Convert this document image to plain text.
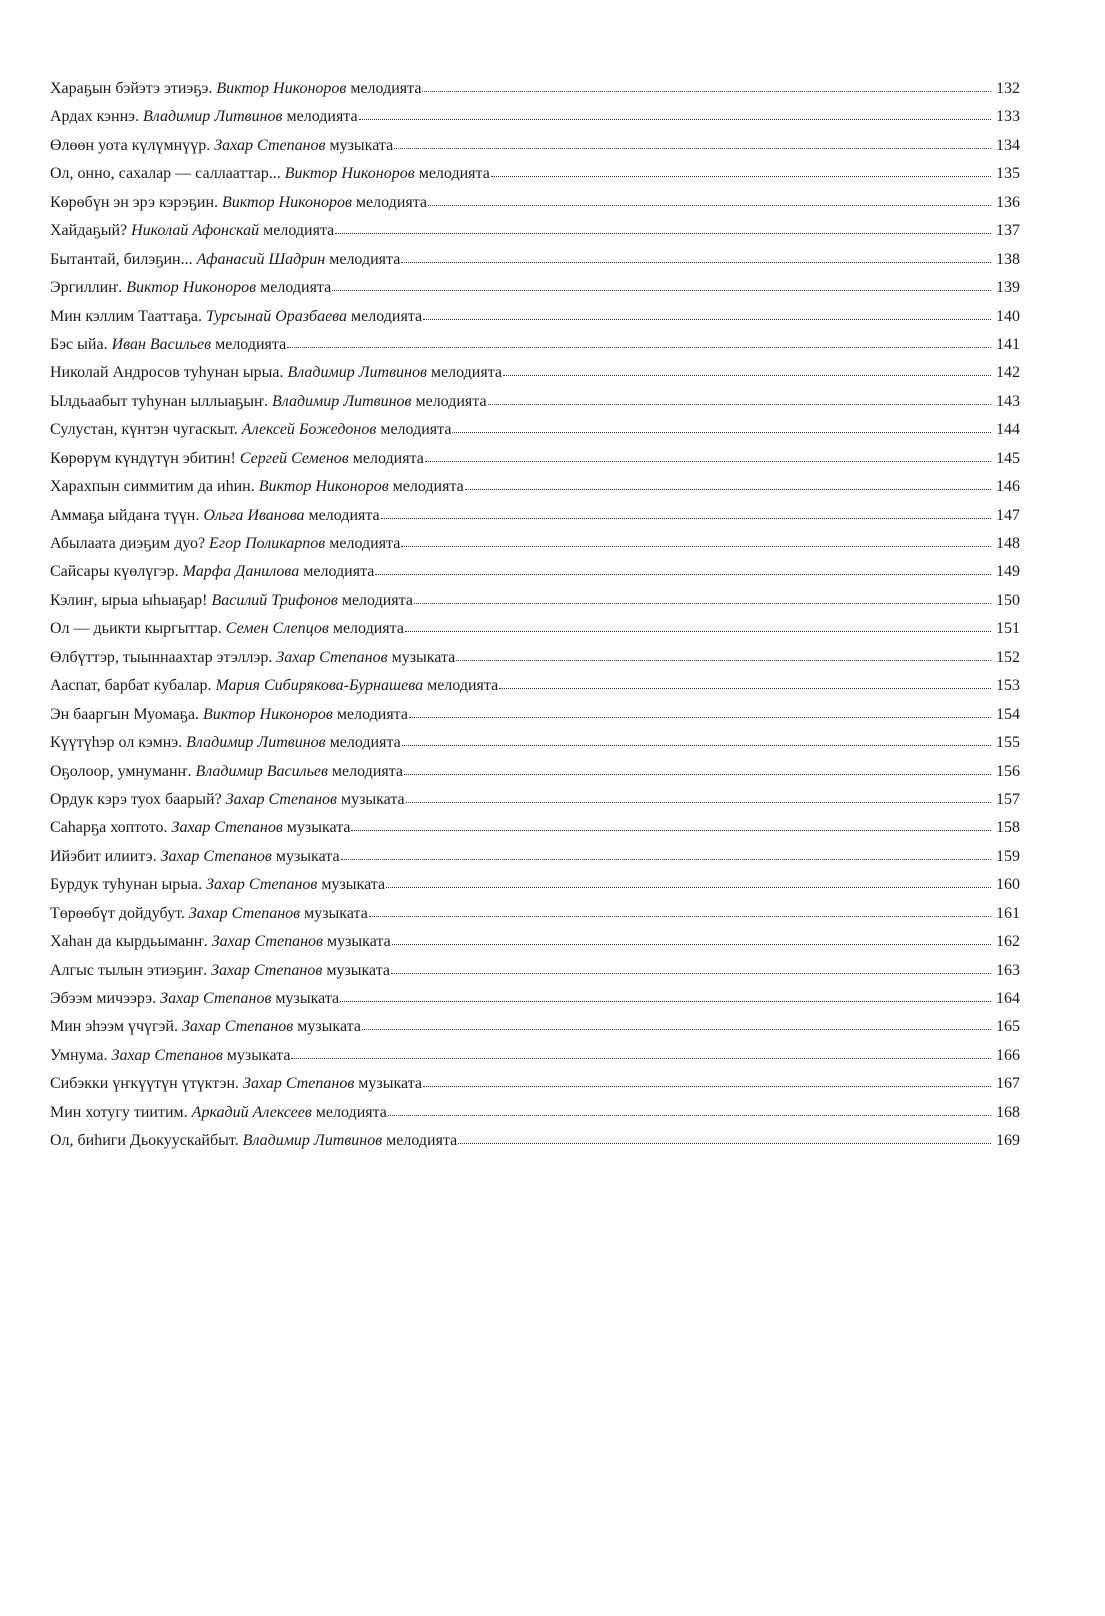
Хараҕын бэйэтэ этиэҕэ. Виктор Никоноров мелодията	132
Ардах кэннэ. Владимир Литвинов мелодията	133
Өлөөн уота күлүмнүүр. Захар Степанов музыката	134
Ол, онно, сахалар — саллааттар... Виктор Никоноров мелодията	135
Көрөбүн эн эрэ кэрэҕин. Виктор Никоноров мелодията	136
Хайдаҕый? Николай Афонскай мелодията	137
Бытантай, билэҕин... Афанасий Шадрин мелодията	138
Эргиллиҥ. Виктор Никоноров мелодията	139
Мин кэллим Тааттаҕа. Турсынай Оразбаева мелодията	140
Бэс ыйа. Иван Васильев мелодията	141
Николай Андросов туһунан ырыа. Владимир Литвинов мелодията	142
Ылдьаабыт туһунан ыллыаҕыҥ. Владимир Литвинов мелодията	143
Сулустан, күнтэн чугаскыт. Алексей Божедонов мелодията	144
Көрөрүм күндүтүн эбитин! Сергей Семенов мелодията	145
Харахпын симмитим да иһин. Виктор Никоноров мелодията	146
Аммаҕа ыйдаҥа түүн. Ольга Иванова мелодията	147
Абылаата диэҕим дуо? Егор Поликарпов мелодията	148
Сайсары күөлүгэр. Марфа Данилова мелодията	149
Кэлиҥ, ырыа ыһыаҕар! Василий Трифонов мелодията	150
Ол — дьикти кыргыттар. Семен Слепцов мелодията	151
Өлбүттэр, тыыннаахтар этэллэр. Захар Степанов музыката	152
Ааспат, барбат кубалар. Мария Сибирякова-Бурнашева мелодията	153
Эн бааргын Муомаҕа. Виктор Никоноров мелодията	154
Күүтүһэр ол кэмнэ. Владимир Литвинов мелодията	155
Оҕолоор, умнуманҥ. Владимир Васильев мелодията	156
Ордук кэрэ туох баарый? Захар Степанов музыката	157
Саһарҕа хоптото. Захар Степанов музыката	158
Ийэбит илиитэ. Захар Степанов музыката	159
Бурдук туһунан ырыа. Захар Степанов музыката	160
Төрөөбүт дойдубут. Захар Степанов музыката	161
Хаһан да кырдьыманҥ. Захар Степанов музыката	162
Алгыс тылын этиэҕиҥ. Захар Степанов музыката	163
Эбээм мичээрэ. Захар Степанов музыката	164
Мин эһээм үчүгэй. Захар Степанов музыката	165
Умнума. Захар Степанов музыката	166
Сибэкки үҥкүүтүн үтүктэн. Захар Степанов музыката	167
Мин хотугу тиитим. Аркадий Алексеев мелодията	168
Ол, биһиги Дьокуускайбыт. Владимир Литвинов мелодията	169
